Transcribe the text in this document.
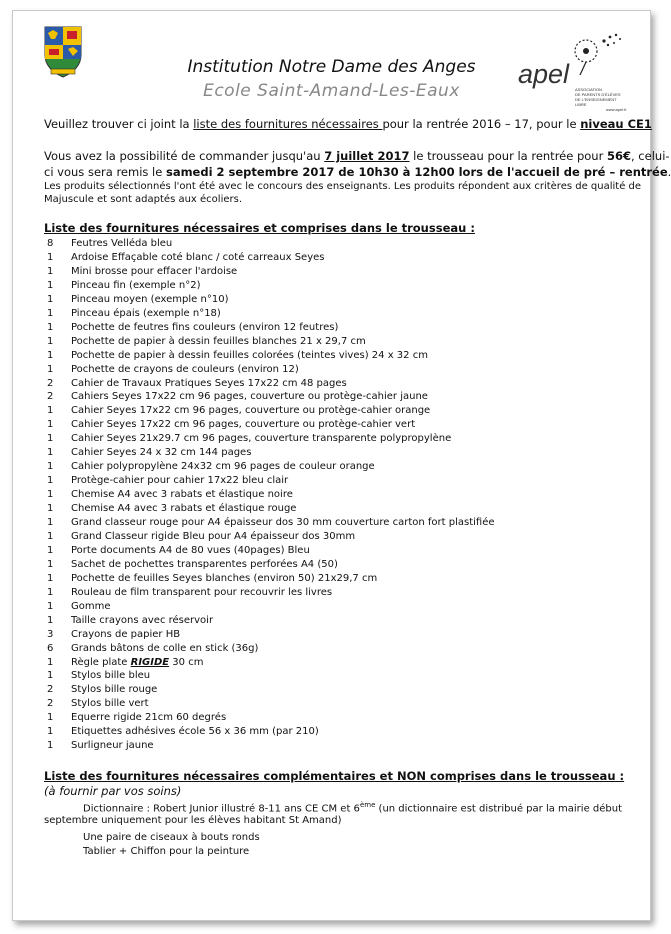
Institution Notre Dame des Anges
Ecole Saint-Amand-Les-Eaux
apel
ASSOCIATION
DE PARENTS D'ÉLÈVES
DE L'ENSEIGNEMENT LIBRE
www.apel.fr
Veuillez trouver ci joint la liste des fournitures nécessaires pour la rentrée 2016 – 17, pour le niveau CE1
Vous avez la possibilité de commander jusqu'au 7 juillet 2017 le trousseau pour la rentrée pour 56€, celui-
ci vous sera remis le samedi 2 septembre 2017 de 10h30 à 12h00 lors de l'accueil de pré – rentrée.
Les produits sélectionnés l'ont été avec le concours des enseignants. Les produits répondent aux critères de qualité de
Majuscule et sont adaptés aux écoliers.
Liste des fournitures nécessaires et comprises dans le trousseau :
8	Feutres Velléda bleu
1	Ardoise Effaçable coté blanc / coté carreaux Seyes
1	Mini brosse pour effacer l'ardoise
1	Pinceau fin (exemple n°2)
1	Pinceau moyen (exemple n°10)
1	Pinceau épais (exemple n°18)
1	Pochette de feutres fins couleurs (environ 12 feutres)
1	Pochette de papier à dessin feuilles blanches 21 x 29,7 cm
1	Pochette de papier à dessin feuilles colorées (teintes vives) 24 x 32 cm
1	Pochette de crayons de couleurs (environ 12)
2	Cahier de Travaux Pratiques Seyes 17x22 cm 48 pages
2	Cahiers Seyes 17x22 cm 96 pages, couverture ou protège-cahier jaune
1	Cahier Seyes 17x22 cm 96 pages, couverture ou protège-cahier orange
1	Cahier Seyes 17x22 cm 96 pages, couverture ou protège-cahier vert
1	Cahier Seyes 21x29.7 cm 96 pages, couverture transparente polypropylène
1	Cahier Seyes 24 x 32 cm 144 pages
1	Cahier polypropylène 24x32 cm 96 pages de couleur orange
1	Protège-cahier pour cahier 17x22 bleu clair
1	Chemise A4 avec 3 rabats et élastique noire
1	Chemise A4 avec 3 rabats et élastique rouge
1	Grand classeur rouge pour A4 épaisseur dos 30 mm couverture carton fort plastifiée
1	Grand Classeur rigide Bleu pour A4 épaisseur dos 30mm
1	Porte documents A4 de 80 vues (40pages) Bleu
1	Sachet de pochettes transparentes perforées A4 (50)
1	Pochette de feuilles Seyes blanches (environ 50) 21x29,7 cm
1	Rouleau de film transparent pour recouvrir les livres
1	Gomme
1	Taille crayons avec réservoir
3	Crayons de papier HB
6	Grands bâtons de colle en stick (36g)
1	Règle plate RIGIDE 30 cm
1	Stylos bille bleu
2	Stylos bille rouge
2	Stylos bille vert
1	Equerre rigide 21cm 60 degrés
1	Etiquettes adhésives école 56 x 36 mm (par 210)
1	Surligneur jaune
Liste des fournitures nécessaires complémentaires et NON comprises dans le trousseau :
(à fournir par vos soins)
Dictionnaire : Robert Junior illustré 8-11 ans CE CM et 6ème (un dictionnaire est distribué par la mairie début
septembre uniquement pour les élèves habitant St Amand)
Une paire de ciseaux à bouts ronds
Tablier + Chiffon pour la peinture
